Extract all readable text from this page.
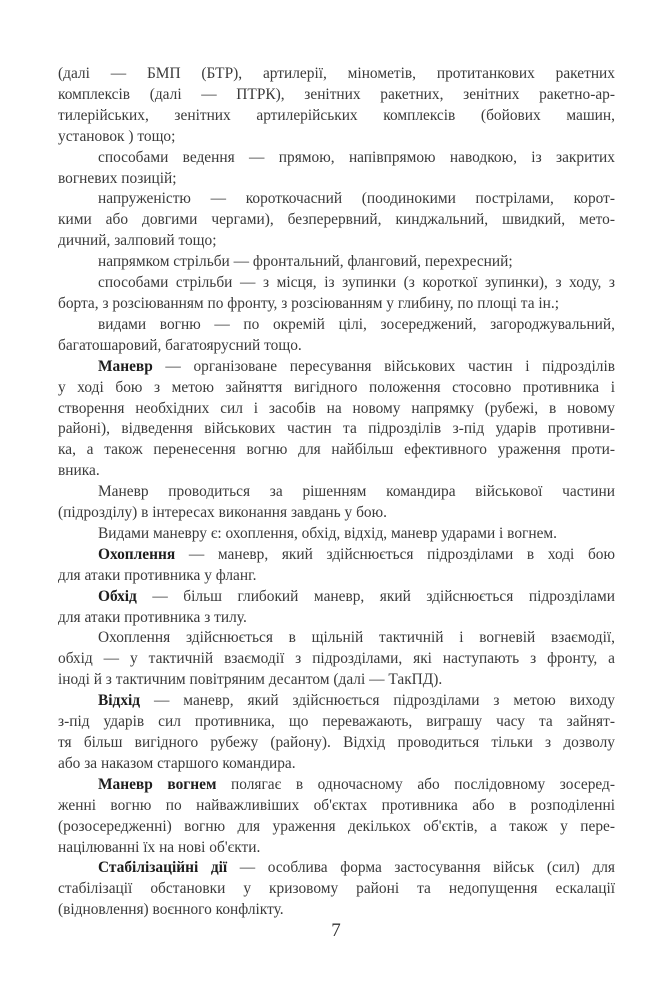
(далі — БМП (БТР), артилерії, мінометів, протитанкових ракетних
комплексів (далі — ПТРК), зенітних ракетних, зенітних ракетно-ар-
тилерійських, зенітних артилерійських комплексів (бойових машин,
установок ) тощо;
способами ведення — прямою, напівпрямою наводкою, із закритих
вогневих позицій;
напруженістю — короткочасний (поодинокими пострілами, корот-
кими або довгими чергами), безперервний, кинджальний, швидкий, мето-
дичний, залповий тощо;
напрямком стрільби — фронтальний, фланговий, перехресний;
способами стрільби — з місця, із зупинки (з короткої зупинки), з ходу, з
борта, з розсіюванням по фронту, з розсіюванням у глибину, по площі та ін.;
видами вогню — по окремій цілі, зосереджений, загороджувальний,
багатошаровий, багатоярусний тощо.
Маневр — організоване пересування військових частин і підрозділів
у ході бою з метою зайняття вигідного положення стосовно противника і
створення необхідних сил і засобів на новому напрямку (рубежі, в новому
районі), відведення військових частин та підрозділів з-під ударів противни-
ка, а також перенесення вогню для найбільш ефективного ураження проти-
вника.
Маневр проводиться за рішенням командира військової частини
(підрозділу) в інтересах виконання завдань у бою.
Видами маневру є: охоплення, обхід, відхід, маневр ударами і вогнем.
Охоплення — маневр, який здійснюється підрозділами в ході бою
для атаки противника у фланг.
Обхід — більш глибокий маневр, який здійснюється підрозділами
для атаки противника з тилу.
Охоплення здійснюється в щільній тактичній і вогневій взаємодії,
обхід — у тактичній взаємодії з підрозділами, які наступають з фронту, а
іноді й з тактичним повітряним десантом (далі — ТакПД).
Відхід — маневр, який здійснюється підрозділами з метою виходу
з-під ударів сил противника, що переважають, виграшу часу та зайнят-
тя більш вигідного рубежу (району). Відхід проводиться тільки з дозволу
або за наказом старшого командира.
Маневр вогнем полягає в одночасному або послідовному зосеред-
женні вогню по найважливіших об'єктах противника або в розподіленні
(розосередженні) вогню для ураження декількох об'єктів, а також у пере-
націлюванні їх на нові об'єкти.
Стабілізаційні дії — особлива форма застосування військ (сил) для
стабілізації обстановки у кризовому районі та недопущення ескалації
(відновлення) воєнного конфлікту.
7
